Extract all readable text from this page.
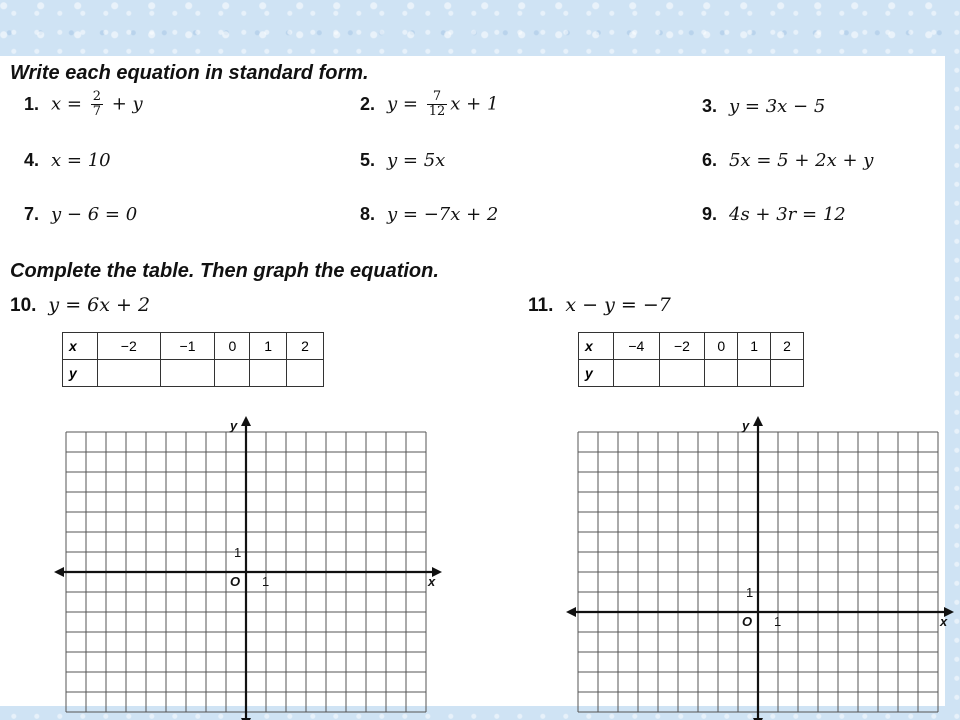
Write each equation in standard form.
1. $x = \frac{2}{7} + y$	2. $y = \frac{7}{12}$ x + 1	3. y = 3x − 5
4. x = 10	5. y = 5x	6. 5x = 5 + 2x + y
7. y − 6 = 0	8. y = −7x + 2	9. 4s + 3r = 12
Complete the table. Then graph the equation.
10. y = 6x + 2
x	−2	−1	0	1	2
y					
11. x − y = −7
x	−4	−2	0	1	2
y					
y
x
O 1
1
y
x
O 1
1
